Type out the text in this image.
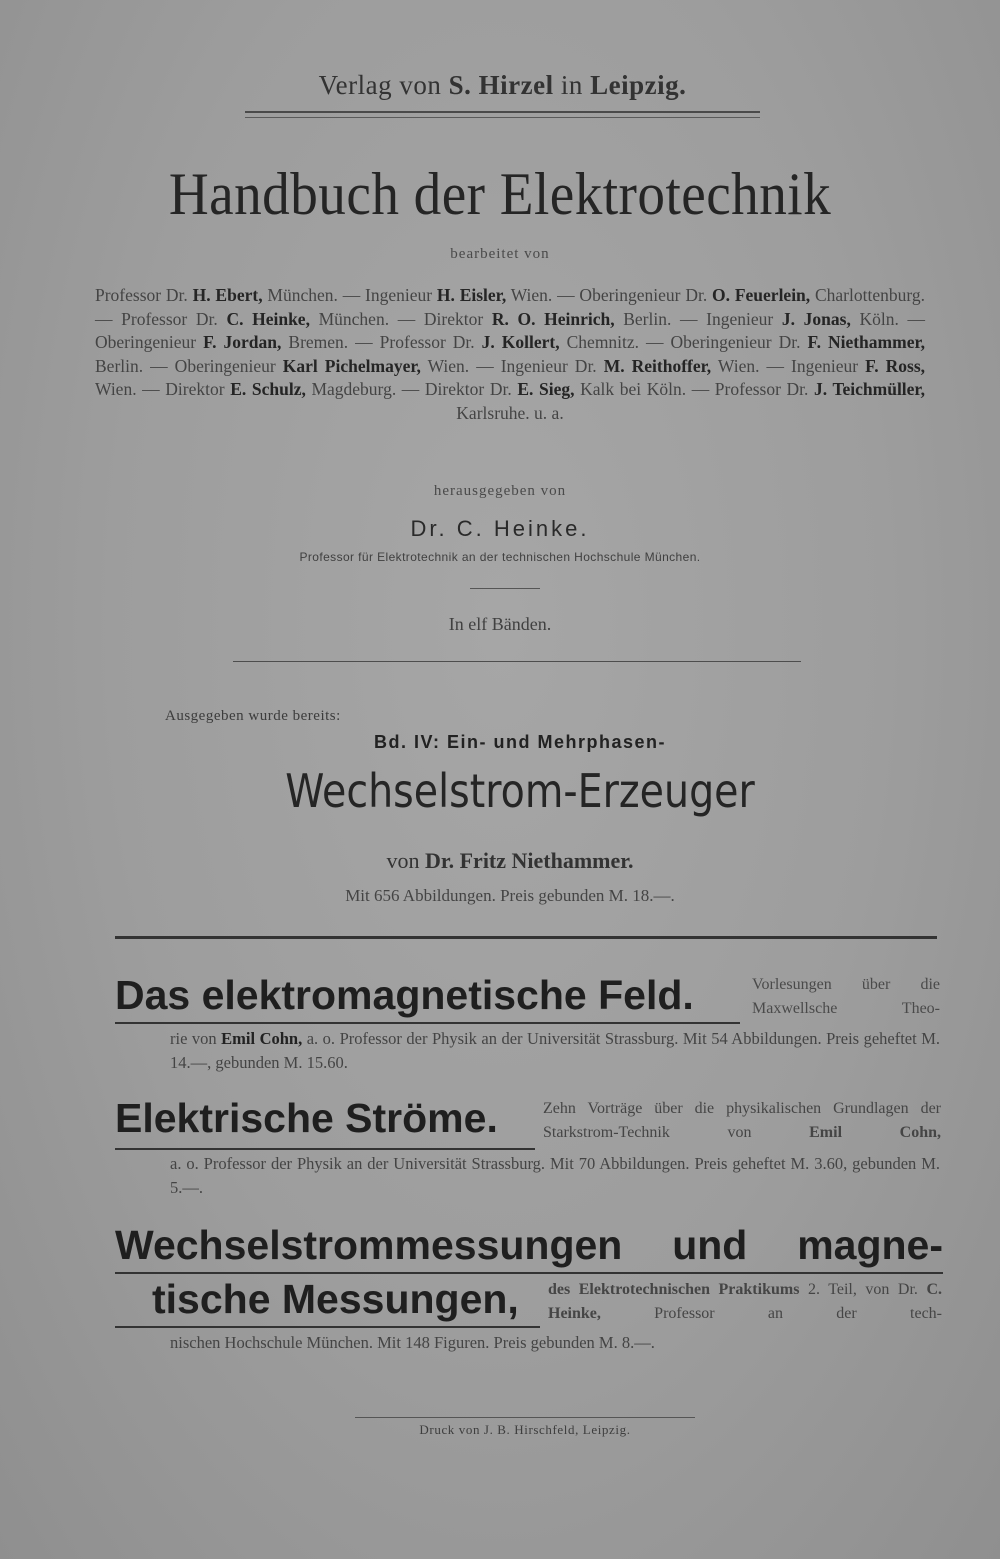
Verlag von S. Hirzel in Leipzig.
Handbuch der Elektrotechnik
bearbeitet von
Professor Dr. H. Ebert, München. — Ingenieur H. Eisler, Wien. — Oberingenieur Dr. O. Feuerlein, Charlottenburg. — Professor Dr. C. Heinke, München. — Direktor R. O. Heinrich, Berlin. — Ingenieur J. Jonas, Köln. — Oberingenieur F. Jordan, Bremen. — Professor Dr. J. Kollert, Chemnitz. — Oberingenieur Dr. F. Niethammer, Berlin. — Oberingenieur Karl Pichelmayer, Wien. — Ingenieur Dr. M. Reithoffer, Wien. — Ingenieur F. Ross, Wien. — Direktor E. Schulz, Magdeburg. — Direktor Dr. E. Sieg, Kalk bei Köln. — Professor Dr. J. Teichmüller, Karlsruhe. u. a.
herausgegeben von
Dr. C. Heinke.
Professor für Elektrotechnik an der technischen Hochschule München.
In elf Bänden.
Ausgegeben wurde bereits:
Bd. IV: Ein- und Mehrphasen-
Wechselstrom-Erzeuger
von Dr. Fritz Niethammer.
Mit 656 Abbildungen. Preis gebunden M. 18.—.
Das elektromagnetische Feld.	Vorlesungen über die Maxwellsche Theo-
rie von Emil Cohn, a. o. Professor der Physik an der Universität Strassburg. Mit 54 Abbildungen. Preis geheftet M. 14.—, gebunden M. 15.60.
Elektrische Ströme.	Zehn Vorträge über die physikalischen Grundlagen der Starkstrom-Technik von Emil Cohn,
a. o. Professor der Physik an der Universität Strassburg. Mit 70 Abbildungen. Preis geheftet M. 3.60, gebunden M. 5.—.
Wechselstrommessungen und magne-
tische Messungen, des Elektrotechnischen Praktikums 2. Teil, von Dr. C. Heinke, Professor an der tech-
nischen Hochschule München. Mit 148 Figuren. Preis gebunden M. 8.—.
Druck von J. B. Hirschfeld, Leipzig.
